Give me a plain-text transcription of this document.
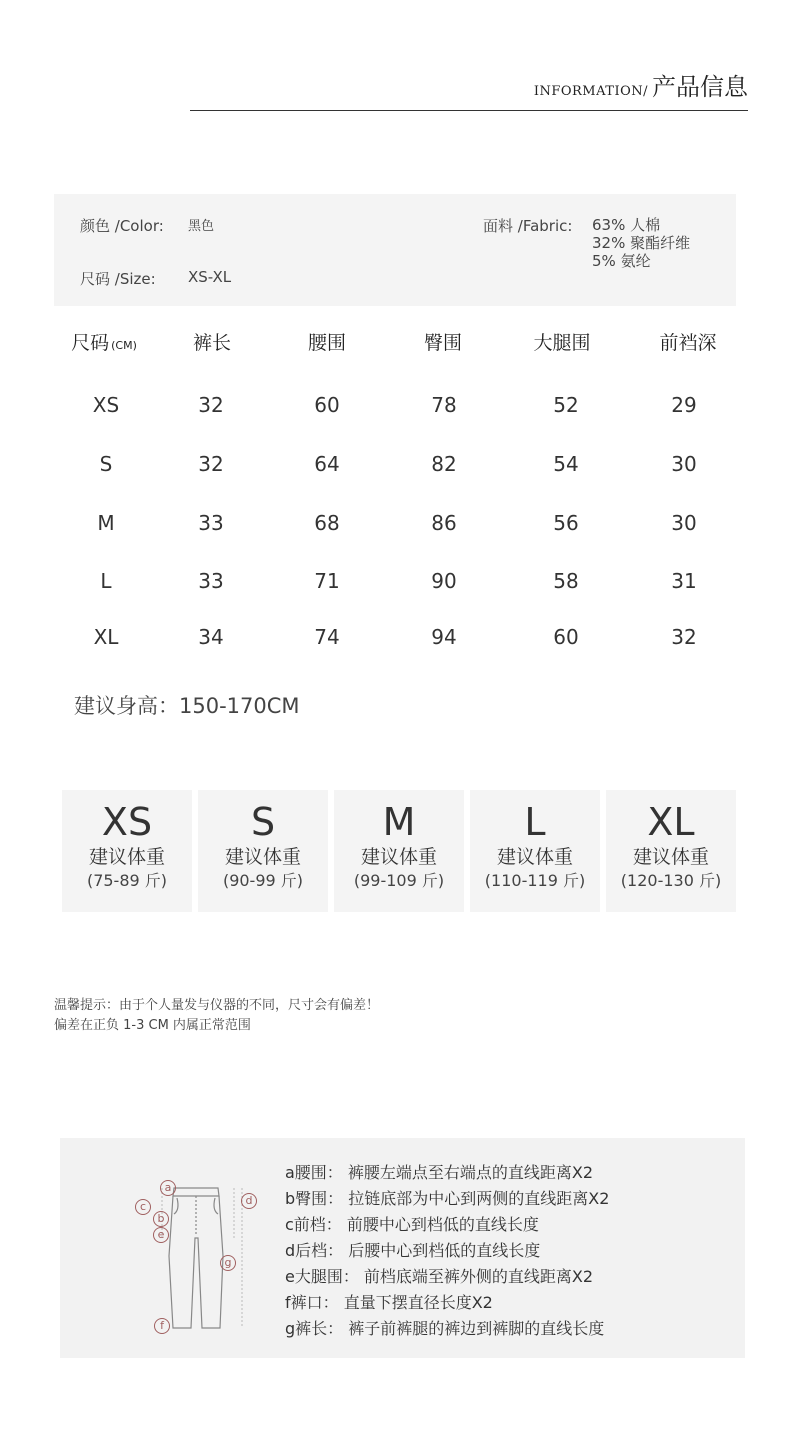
INFORMATION/ 产品信息
颜色 /Color: 黑色
尺码 /Size: XS-XL
面料 /Fabric: 63% 人棉
32% 聚酯纤维
5% 氨纶
尺码 (CM)	裤长	腰围	臀围	大腿围	前裆深
XS	32	60	78	52	29
S	32	64	82	54	30
M	33	68	86	56	30
L	33	71	90	58	31
XL	34	74	94	60	32
建议身高：150-170CM
XS
建议体重
(75-89 斤)
S
建议体重
(90-99 斤)
M
建议体重
(99-109 斤)
L
建议体重
(110-119 斤)
XL
建议体重
(120-130 斤)
温馨提示：由于个人量发与仪器的不同，尺寸会有偏差！
偏差在正负 1-3 CM 内属正常范围
a
b
c	d
e
f
g
a腰围： 裤腰左端点至右端点的直线距离X2
b臀围： 拉链底部为中心到两侧的直线距离X2
c前档： 前腰中心到档低的直线长度
d后档： 后腰中心到档低的直线长度
e大腿围： 前档底端至裤外侧的直线距离X2
f裤口： 直量下摆直径长度X2
g裤长： 裤子前裤腿的裤边到裤脚的直线长度
